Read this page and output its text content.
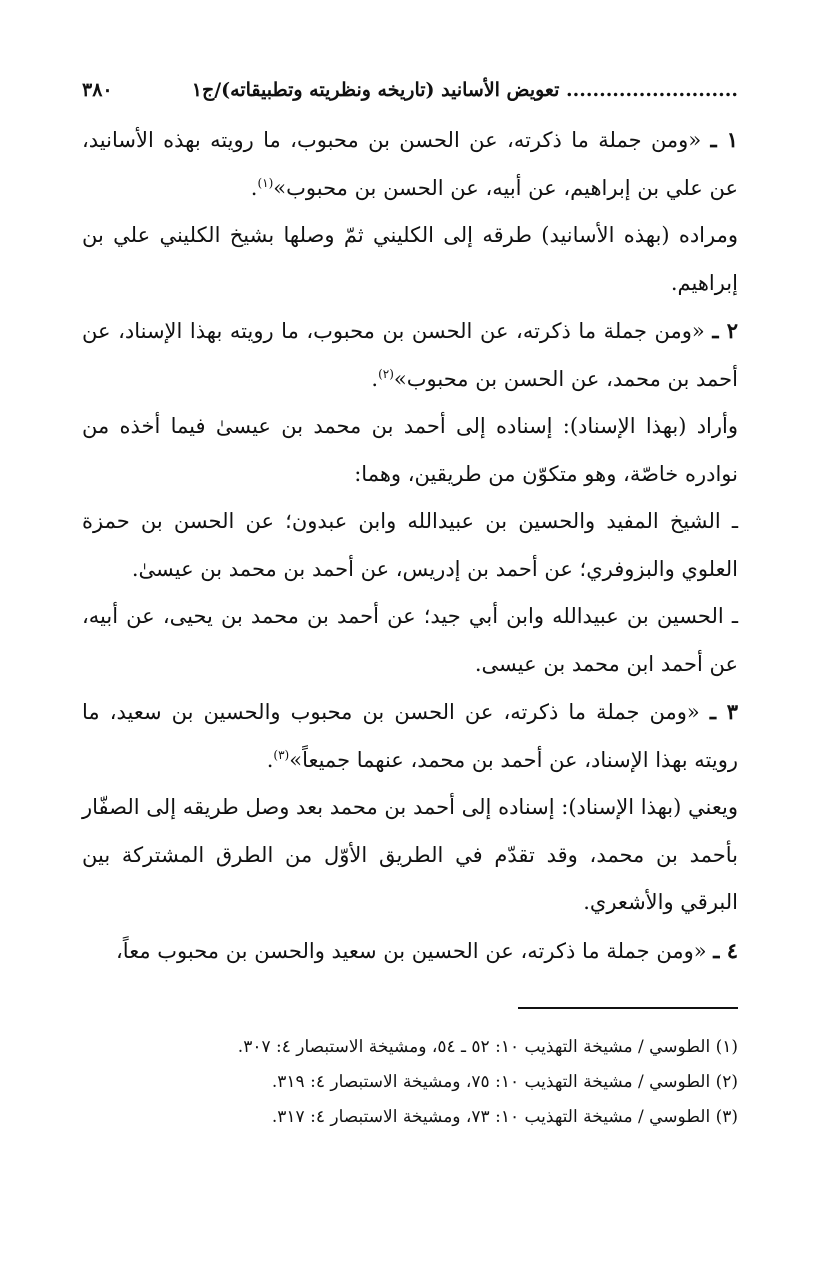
.......................... تعويض الأسانيد (تاريخه ونظريته وتطبيقاته)/ج١
٣٨٠

١ ـ «ومن جملة ما ذكرته، عن الحسن بن محبوب، ما رويته بهذه الأسانيد، عن علي بن إبراهيم، عن أبيه، عن الحسن بن محبوب»$^{(١)}$.

ومراده (بهذه الأسانيد) طرقه إلى الكليني ثمّ وصلها بشيخ الكليني علي بن إبراهيم.

٢ ـ «ومن جملة ما ذكرته، عن الحسن بن محبوب، ما رويته بهذا الإسناد، عن أحمد بن محمد، عن الحسن بن محبوب»$^{(٢)}$.

وأراد (بهذا الإسناد): إسناده إلى أحمد بن محمد بن عيسىٰ فيما أخذه من نوادره خاصّة، وهو متكوّن من طريقين، وهما:

ـ الشيخ المفيد والحسين بن عبيدالله وابن عبدون؛ عن الحسن بن حمزة العلوي والبزوفري؛ عن أحمد بن إدريس، عن أحمد بن محمد بن عيسىٰ.

ـ الحسين بن عبيدالله وابن أبي جيد؛ عن أحمد بن محمد بن يحيى، عن أبيه، عن أحمد ابن محمد بن عيسى.

٣ ـ «ومن جملة ما ذكرته، عن الحسن بن محبوب والحسين بن سعيد، ما رويته بهذا الإسناد، عن أحمد بن محمد، عنهما جميعاً»$^{(٣)}$.

ويعني (بهذا الإسناد): إسناده إلى أحمد بن محمد بعد وصل طريقه إلى الصفّار بأحمد بن محمد، وقد تقدّم في الطريق الأوّل من الطرق المشتركة بين البرقي والأشعري.

٤ ـ «ومن جملة ما ذكرته، عن الحسين بن سعيد والحسن بن محبوب معاً،

(١) الطوسي / مشيخة التهذيب ١٠: ٥٢ ـ ٥٤، ومشيخة الاستبصار ٤: ٣٠٧.

(٢) الطوسي / مشيخة التهذيب ١٠: ٧٥، ومشيخة الاستبصار ٤: ٣١٩.

(٣) الطوسي / مشيخة التهذيب ١٠: ٧٣، ومشيخة الاستبصار ٤: ٣١٧.
